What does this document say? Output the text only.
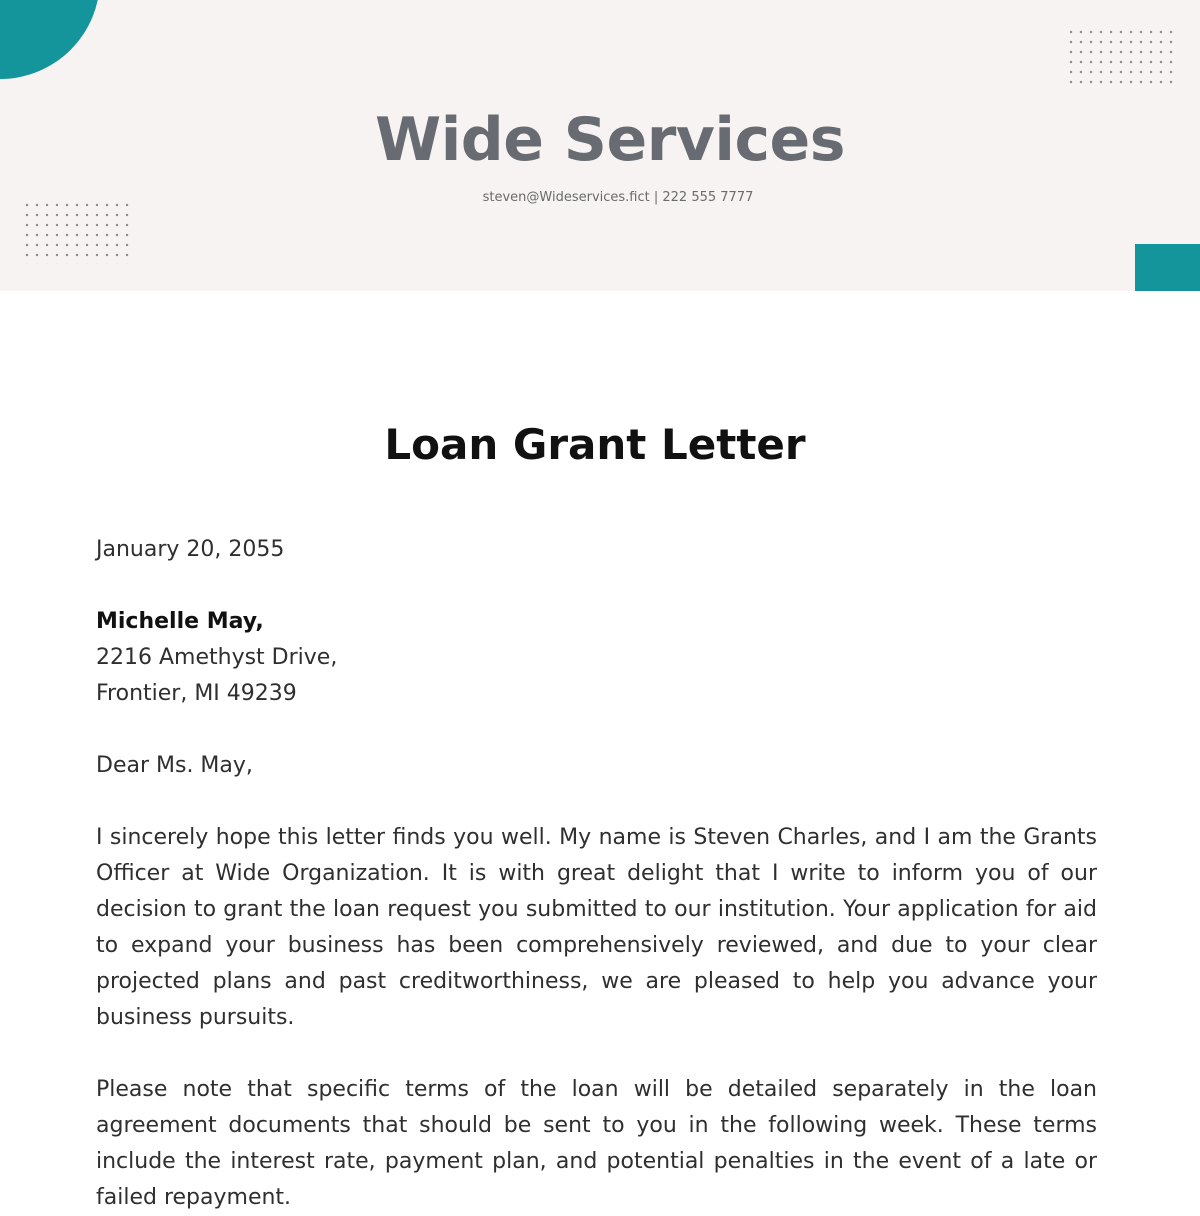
Wide Services
steven@Wideservices.fict | 222 555 7777
Loan Grant Letter

January 20, 2055

Michelle May,

2216 Amethyst Drive,

Frontier, MI 49239

Dear Ms. May,

I sincerely hope this letter finds you well. My name is Steven Charles, and I am the Grants Officer at Wide Organization. It is with great delight that I write to inform you of our decision to grant the loan request you submitted to our institution. Your application for aid to expand your business has been comprehensively reviewed, and due to your clear projected plans and past creditworthiness, we are pleased to help you advance your business pursuits.

Please note that specific terms of the loan will be detailed separately in the loan agreement documents that should be sent to you in the following week. These terms include the interest rate, payment plan, and potential penalties in the event of a late or failed repayment.
